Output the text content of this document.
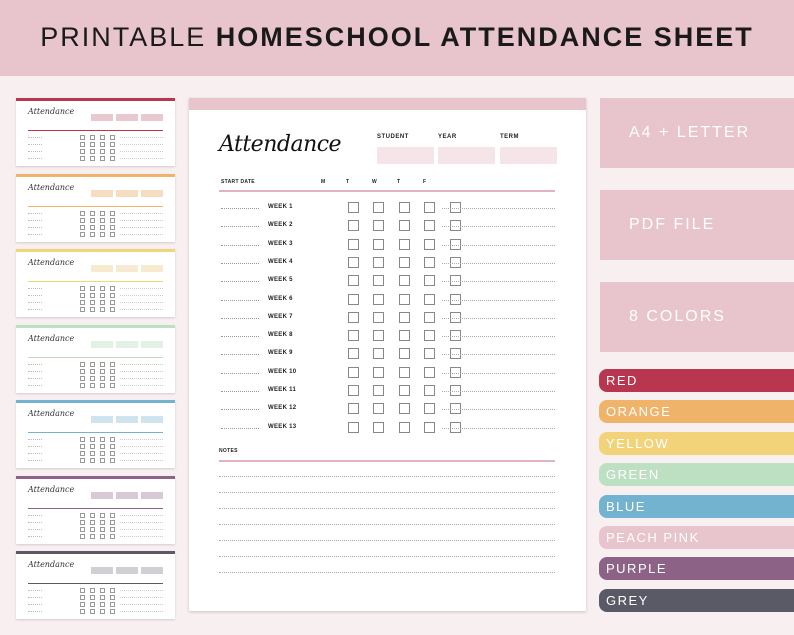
PRINTABLE HOMESCHOOL ATTENDANCE SHEET
Attendance
Attendance
Attendance
Attendance
Attendance
Attendance
Attendance
Attendance	STUDENT	YEAR	TERM
START DATE	M	T	W	T	F
WEEK 1
WEEK 2
WEEK 3
WEEK 4
WEEK 5
WEEK 6
WEEK 7
WEEK 8
WEEK 9
WEEK 10
WEEK 11
WEEK 12
WEEK 13
NOTES
A4 + LETTER
PDF FILE
8 COLORS
RED
ORANGE
YELLOW
GREEN
BLUE
PEACH PINK
PURPLE
GREY
